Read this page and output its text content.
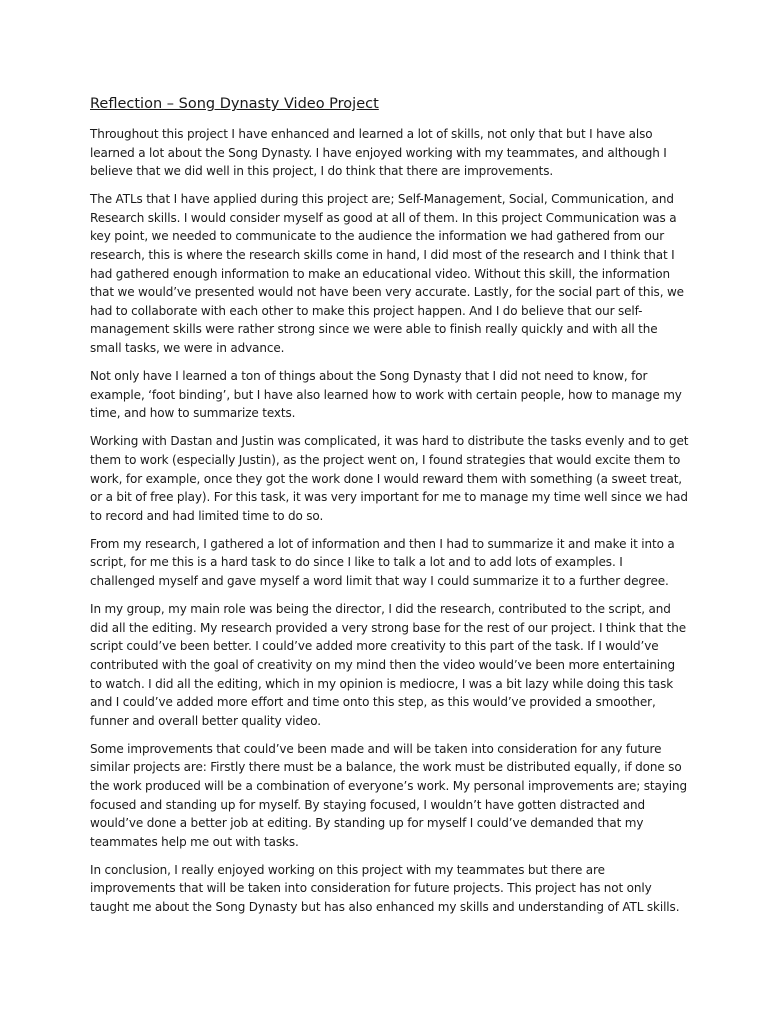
Reflection – Song Dynasty Video Project

Throughout this project I have enhanced and learned a lot of skills, not only that but I have also learned a lot about the Song Dynasty. I have enjoyed working with my teammates, and although I believe that we did well in this project, I do think that there are improvements.

The ATLs that I have applied during this project are; Self-Management, Social, Communication, and Research skills. I would consider myself as good at all of them. In this project Communication was a key point, we needed to communicate to the audience the information we had gathered from our research, this is where the research skills come in hand, I did most of the research and I think that I had gathered enough information to make an educational video. Without this skill, the information that we would’ve presented would not have been very accurate. Lastly, for the social part of this, we had to collaborate with each other to make this project happen. And I do believe that our self-management skills were rather strong since we were able to finish really quickly and with all the small tasks, we were in advance.

Not only have I learned a ton of things about the Song Dynasty that I did not need to know, for example, ‘foot binding’, but I have also learned how to work with certain people, how to manage my time, and how to summarize texts.

Working with Dastan and Justin was complicated, it was hard to distribute the tasks evenly and to get them to work (especially Justin), as the project went on, I found strategies that would excite them to work, for example, once they got the work done I would reward them with something (a sweet treat, or a bit of free play). For this task, it was very important for me to manage my time well since we had to record and had limited time to do so.

From my research, I gathered a lot of information and then I had to summarize it and make it into a script, for me this is a hard task to do since I like to talk a lot and to add lots of examples. I challenged myself and gave myself a word limit that way I could summarize it to a further degree.

In my group, my main role was being the director, I did the research, contributed to the script, and did all the editing. My research provided a very strong base for the rest of our project. I think that the script could’ve been better. I could’ve added more creativity to this part of the task. If I would’ve contributed with the goal of creativity on my mind then the video would’ve been more entertaining to watch. I did all the editing, which in my opinion is mediocre, I was a bit lazy while doing this task and I could’ve added more effort and time onto this step, as this would’ve provided a smoother, funner and overall better quality video.

Some improvements that could’ve been made and will be taken into consideration for any future similar projects are: Firstly there must be a balance, the work must be distributed equally, if done so the work produced will be a combination of everyone’s work. My personal improvements are; staying focused and standing up for myself. By staying focused, I wouldn’t have gotten distracted and would’ve done a better job at editing. By standing up for myself I could’ve demanded that my teammates help me out with tasks.

In conclusion, I really enjoyed working on this project with my teammates but there are improvements that will be taken into consideration for future projects. This project has not only taught me about the Song Dynasty but has also enhanced my skills and understanding of ATL skills.
